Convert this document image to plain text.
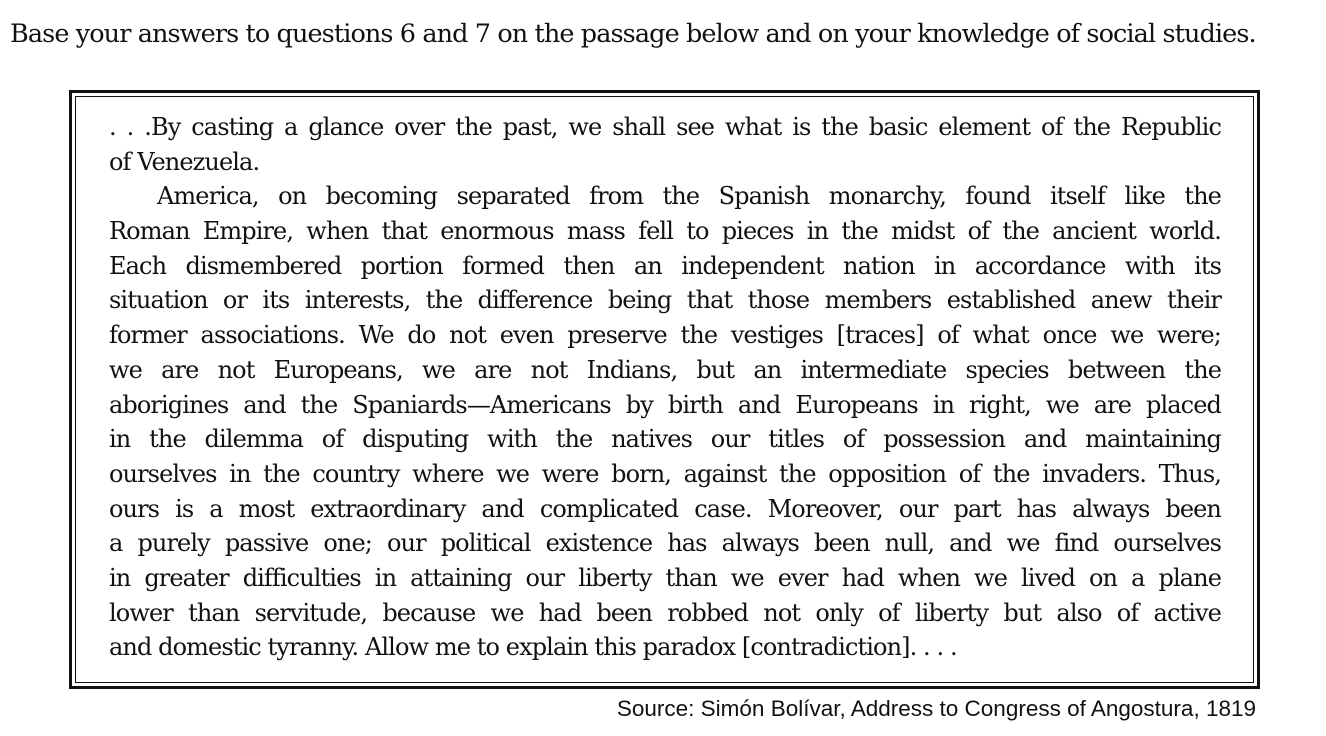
Base your answers to questions 6 and 7 on the passage below and on your knowledge of social studies.
. . .By casting a glance over the past, we shall see what is the basic element of the Republic
of Venezuela.
America, on becoming separated from the Spanish monarchy, found itself like the
Roman Empire, when that enormous mass fell to pieces in the midst of the ancient world.
Each dismembered portion formed then an independent nation in accordance with its
situation or its interests, the difference being that those members established anew their
former associations. We do not even preserve the vestiges [traces] of what once we were;
we are not Europeans, we are not Indians, but an intermediate species between the
aborigines and the Spaniards—Americans by birth and Europeans in right, we are placed
in the dilemma of disputing with the natives our titles of possession and maintaining
ourselves in the country where we were born, against the opposition of the invaders. Thus,
ours is a most extraordinary and complicated case. Moreover, our part has always been
a purely passive one; our political existence has always been null, and we find ourselves
in greater difficulties in attaining our liberty than we ever had when we lived on a plane
lower than servitude, because we had been robbed not only of liberty but also of active
and domestic tyranny. Allow me to explain this paradox [contradiction]. . . .
Source: Simón Bolívar, Address to Congress of Angostura, 1819
